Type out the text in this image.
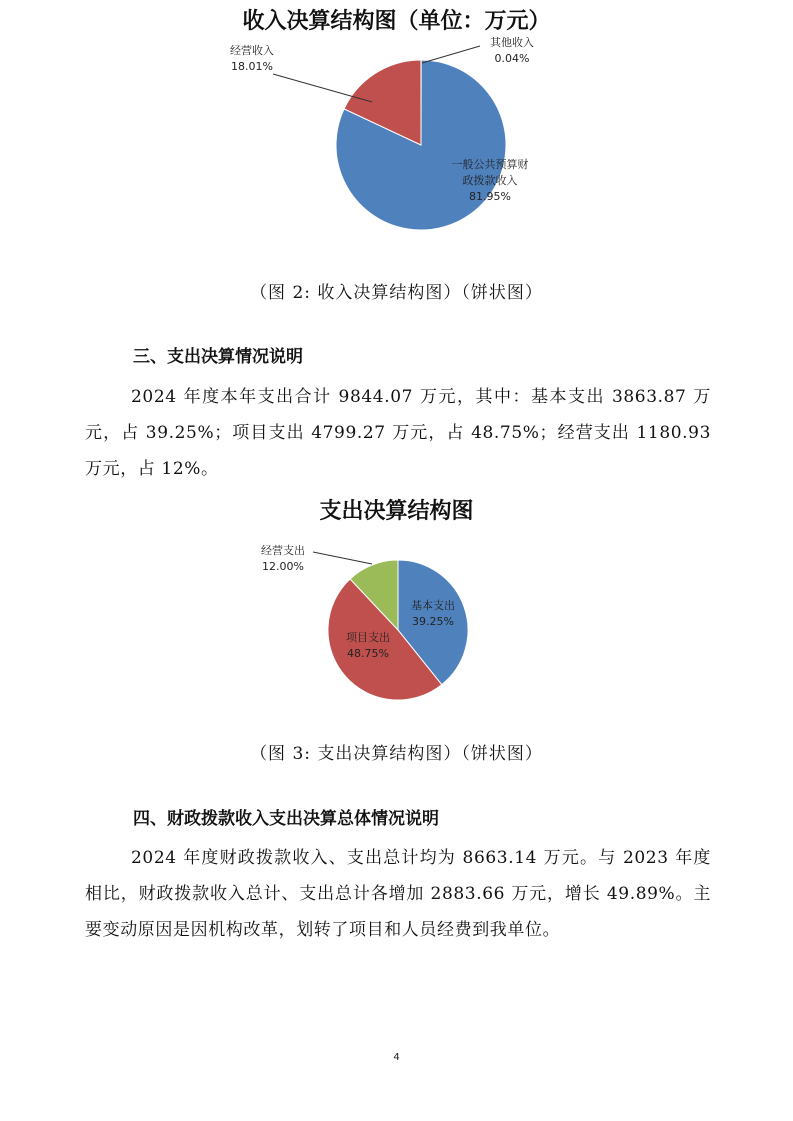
收入决算结构图（单位：万元）
经营收入
18.01%
其他收入
0.04%
一般公共预算财
政拨款收入
81.95%
（图 2: 收入决算结构图）（饼状图）
三、支出决算情况说明

2024 年度本年支出合计 9844.07 万元，其中：基本支出 3863.87 万元，占 39.25%；项目支出 4799.27 万元，占 48.75%；经营支出 1180.93 万元，占 12%。

支出决算结构图
经营支出
12.00%
基本支出
39.25%
项目支出
48.75%
（图 3: 支出决算结构图）（饼状图）
四、财政拨款收入支出决算总体情况说明

2024 年度财政拨款收入、支出总计均为 8663.14 万元。与 2023 年度相比，财政拨款收入总计、支出总计各增加 2883.66 万元，增长 49.89%。主要变动原因是因机构改革，划转了项目和人员经费到我单位。

4
